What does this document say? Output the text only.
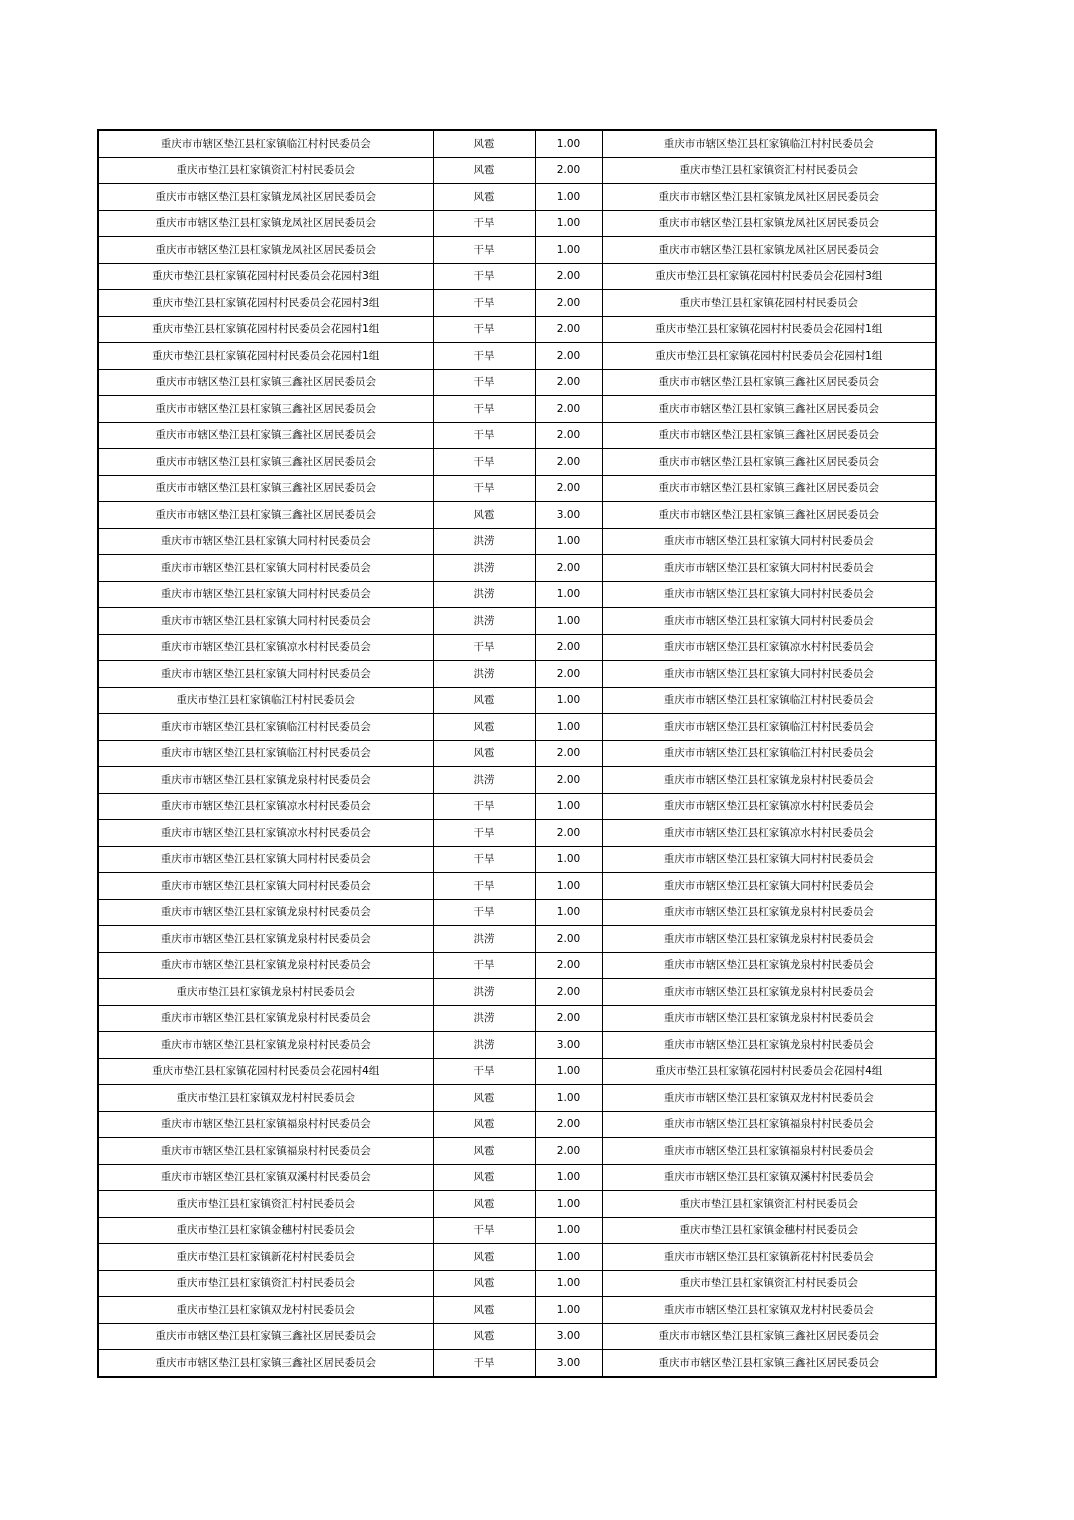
重庆市市辖区垫江县杠家镇临江村村民委员会	风雹	1.00	重庆市市辖区垫江县杠家镇临江村村民委员会
重庆市垫江县杠家镇资汇村村民委员会	风雹	2.00	重庆市垫江县杠家镇资汇村村民委员会
重庆市市辖区垫江县杠家镇龙凤社区居民委员会	风雹	1.00	重庆市市辖区垫江县杠家镇龙凤社区居民委员会
重庆市市辖区垫江县杠家镇龙凤社区居民委员会	干旱	1.00	重庆市市辖区垫江县杠家镇龙凤社区居民委员会
重庆市市辖区垫江县杠家镇龙凤社区居民委员会	干旱	1.00	重庆市市辖区垫江县杠家镇龙凤社区居民委员会
重庆市垫江县杠家镇花园村村民委员会花园村3组	干旱	2.00	重庆市垫江县杠家镇花园村村民委员会花园村3组
重庆市垫江县杠家镇花园村村民委员会花园村3组	干旱	2.00	重庆市垫江县杠家镇花园村村民委员会
重庆市垫江县杠家镇花园村村民委员会花园村1组	干旱	2.00	重庆市垫江县杠家镇花园村村民委员会花园村1组
重庆市垫江县杠家镇花园村村民委员会花园村1组	干旱	2.00	重庆市垫江县杠家镇花园村村民委员会花园村1组
重庆市市辖区垫江县杠家镇三鑫社区居民委员会	干旱	2.00	重庆市市辖区垫江县杠家镇三鑫社区居民委员会
重庆市市辖区垫江县杠家镇三鑫社区居民委员会	干旱	2.00	重庆市市辖区垫江县杠家镇三鑫社区居民委员会
重庆市市辖区垫江县杠家镇三鑫社区居民委员会	干旱	2.00	重庆市市辖区垫江县杠家镇三鑫社区居民委员会
重庆市市辖区垫江县杠家镇三鑫社区居民委员会	干旱	2.00	重庆市市辖区垫江县杠家镇三鑫社区居民委员会
重庆市市辖区垫江县杠家镇三鑫社区居民委员会	干旱	2.00	重庆市市辖区垫江县杠家镇三鑫社区居民委员会
重庆市市辖区垫江县杠家镇三鑫社区居民委员会	风雹	3.00	重庆市市辖区垫江县杠家镇三鑫社区居民委员会
重庆市市辖区垫江县杠家镇大同村村民委员会	洪涝	1.00	重庆市市辖区垫江县杠家镇大同村村民委员会
重庆市市辖区垫江县杠家镇大同村村民委员会	洪涝	2.00	重庆市市辖区垫江县杠家镇大同村村民委员会
重庆市市辖区垫江县杠家镇大同村村民委员会	洪涝	1.00	重庆市市辖区垫江县杠家镇大同村村民委员会
重庆市市辖区垫江县杠家镇大同村村民委员会	洪涝	1.00	重庆市市辖区垫江县杠家镇大同村村民委员会
重庆市市辖区垫江县杠家镇凉水村村民委员会	干旱	2.00	重庆市市辖区垫江县杠家镇凉水村村民委员会
重庆市市辖区垫江县杠家镇大同村村民委员会	洪涝	2.00	重庆市市辖区垫江县杠家镇大同村村民委员会
重庆市垫江县杠家镇临江村村民委员会	风雹	1.00	重庆市市辖区垫江县杠家镇临江村村民委员会
重庆市市辖区垫江县杠家镇临江村村民委员会	风雹	1.00	重庆市市辖区垫江县杠家镇临江村村民委员会
重庆市市辖区垫江县杠家镇临江村村民委员会	风雹	2.00	重庆市市辖区垫江县杠家镇临江村村民委员会
重庆市市辖区垫江县杠家镇龙泉村村民委员会	洪涝	2.00	重庆市市辖区垫江县杠家镇龙泉村村民委员会
重庆市市辖区垫江县杠家镇凉水村村民委员会	干旱	1.00	重庆市市辖区垫江县杠家镇凉水村村民委员会
重庆市市辖区垫江县杠家镇凉水村村民委员会	干旱	2.00	重庆市市辖区垫江县杠家镇凉水村村民委员会
重庆市市辖区垫江县杠家镇大同村村民委员会	干旱	1.00	重庆市市辖区垫江县杠家镇大同村村民委员会
重庆市市辖区垫江县杠家镇大同村村民委员会	干旱	1.00	重庆市市辖区垫江县杠家镇大同村村民委员会
重庆市市辖区垫江县杠家镇龙泉村村民委员会	干旱	1.00	重庆市市辖区垫江县杠家镇龙泉村村民委员会
重庆市市辖区垫江县杠家镇龙泉村村民委员会	洪涝	2.00	重庆市市辖区垫江县杠家镇龙泉村村民委员会
重庆市市辖区垫江县杠家镇龙泉村村民委员会	干旱	2.00	重庆市市辖区垫江县杠家镇龙泉村村民委员会
重庆市垫江县杠家镇龙泉村村民委员会	洪涝	2.00	重庆市市辖区垫江县杠家镇龙泉村村民委员会
重庆市市辖区垫江县杠家镇龙泉村村民委员会	洪涝	2.00	重庆市市辖区垫江县杠家镇龙泉村村民委员会
重庆市市辖区垫江县杠家镇龙泉村村民委员会	洪涝	3.00	重庆市市辖区垫江县杠家镇龙泉村村民委员会
重庆市垫江县杠家镇花园村村民委员会花园村4组	干旱	1.00	重庆市垫江县杠家镇花园村村民委员会花园村4组
重庆市垫江县杠家镇双龙村村民委员会	风雹	1.00	重庆市市辖区垫江县杠家镇双龙村村民委员会
重庆市市辖区垫江县杠家镇福泉村村民委员会	风雹	2.00	重庆市市辖区垫江县杠家镇福泉村村民委员会
重庆市市辖区垫江县杠家镇福泉村村民委员会	风雹	2.00	重庆市市辖区垫江县杠家镇福泉村村民委员会
重庆市市辖区垫江县杠家镇双溪村村民委员会	风雹	1.00	重庆市市辖区垫江县杠家镇双溪村村民委员会
重庆市垫江县杠家镇资汇村村民委员会	风雹	1.00	重庆市垫江县杠家镇资汇村村民委员会
重庆市垫江县杠家镇金穗村村民委员会	干旱	1.00	重庆市垫江县杠家镇金穗村村民委员会
重庆市垫江县杠家镇新花村村民委员会	风雹	1.00	重庆市市辖区垫江县杠家镇新花村村民委员会
重庆市垫江县杠家镇资汇村村民委员会	风雹	1.00	重庆市垫江县杠家镇资汇村村民委员会
重庆市垫江县杠家镇双龙村村民委员会	风雹	1.00	重庆市市辖区垫江县杠家镇双龙村村民委员会
重庆市市辖区垫江县杠家镇三鑫社区居民委员会	风雹	3.00	重庆市市辖区垫江县杠家镇三鑫社区居民委员会
重庆市市辖区垫江县杠家镇三鑫社区居民委员会	干旱	3.00	重庆市市辖区垫江县杠家镇三鑫社区居民委员会
